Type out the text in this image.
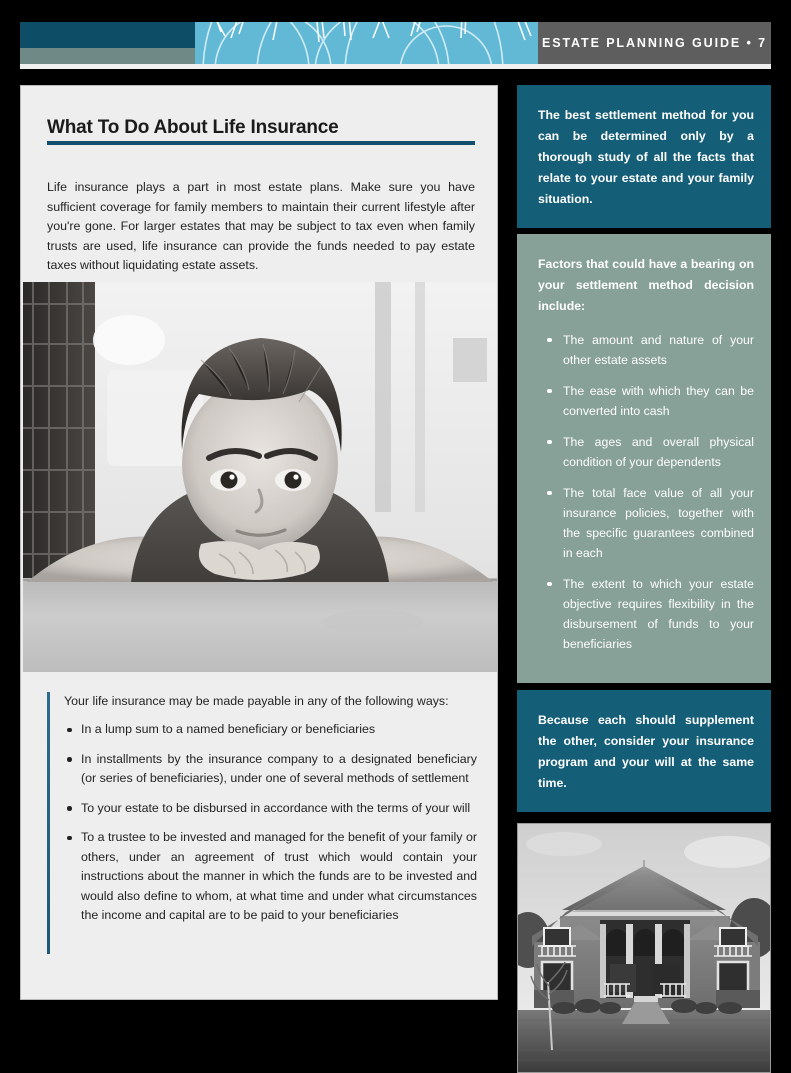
ESTATE PLANNING GUIDE • 7
What To Do About Life Insurance

Life insurance plays a part in most estate plans. Make sure you have sufficient coverage for family members to maintain their current lifestyle after you're gone. For larger estates that may be subject to tax even when family trusts are used, life insurance can provide the funds needed to pay estate taxes without liquidating estate assets.

Your life insurance may be made payable in any of the following ways:

In a lump sum to a named beneficiary or beneficiaries
In installments by the insurance company to a designated beneficiary (or series of beneficiaries), under one of several methods of settlement
To your estate to be disbursed in accordance with the terms of your will
To a trustee to be invested and managed for the benefit of your family or others, under an agreement of trust which would contain your instructions about the manner in which the funds are to be invested and would also define to whom, at what time and under what circumstances the income and capital are to be paid to your beneficiaries

The best settlement method for you can be determined only by a thorough study of all the facts that relate to your estate and your family situation.

Factors that could have a bearing on your settlement method decision include:

The amount and nature of your other estate assets
The ease with which they can be converted into cash
The ages and overall physical condition of your dependents
The total face value of all your insurance policies, together with the specific guarantees combined in each
The extent to which your estate objective requires flexibility in the disbursement of funds to your beneficiaries

Because each should supplement the other, consider your insurance program and your will at the same time.
